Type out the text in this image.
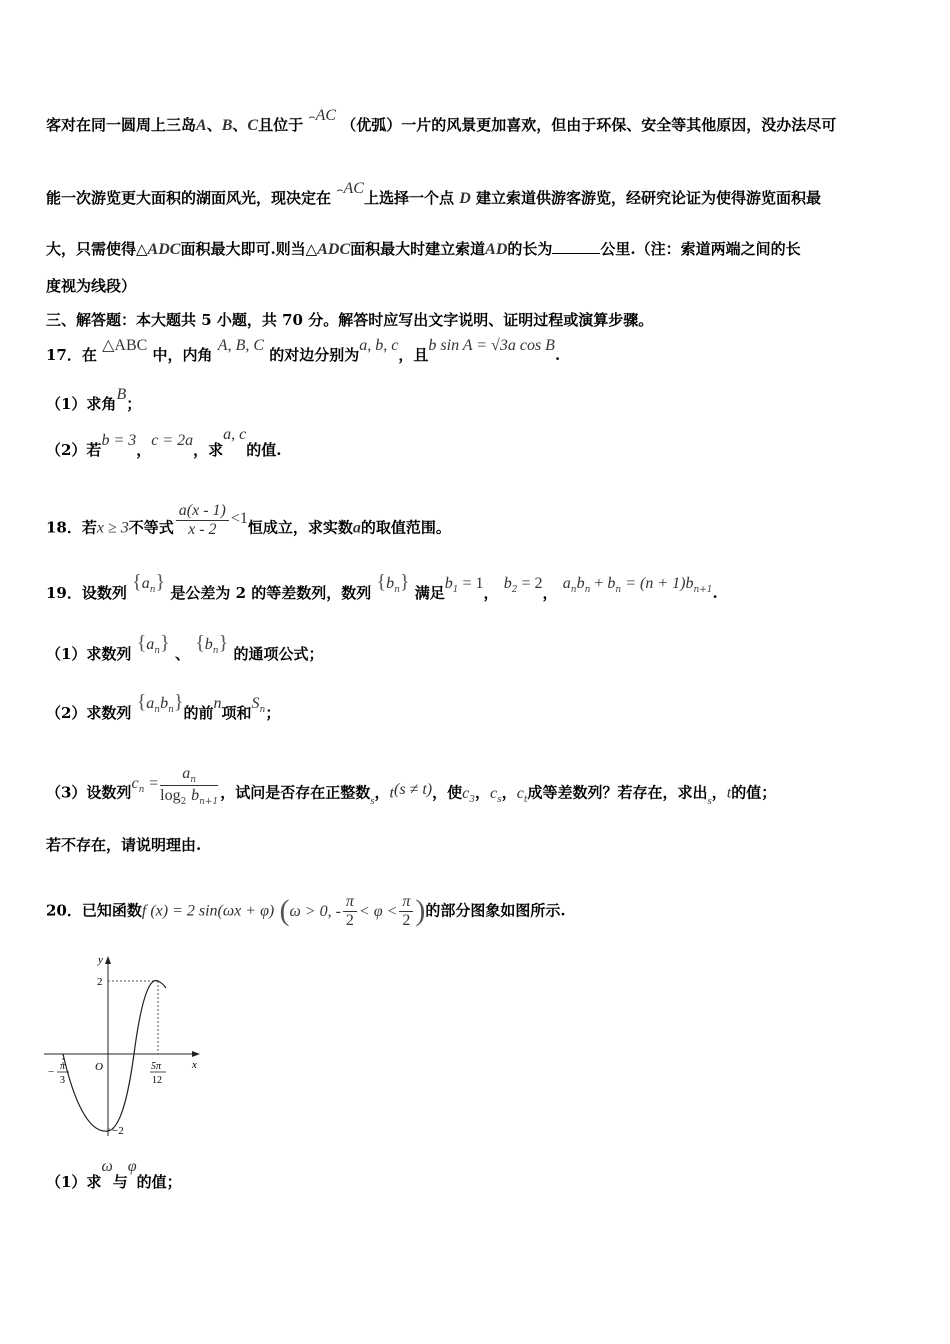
客对在同一圆周上三岛A、B、C且位于 ⌢AC （优弧）一片的风景更加喜欢，但由于环保、安全等其他原因，没办法尽可
能一次游览更大面积的湖面风光，现决定在 ⌢AC上选择一个点 D 建立索道供游客游览，经研究论证为使得游览面积最
大，只需使得△ADC面积最大即可.则当△ADC面积最大时建立索道AD的长为	公里.（注：索道两端之间的长
度视为线段）
三、解答题：本大题共 5 小题，共 70 分。解答时应写出文字说明、证明过程或演算步骤。
17．在 △ABC 中，内角 A, B, C 的对边分别为a, b, c，且b sin A = √3a cos B.
（1）求角B；
（2）若b = 3，c = 2a，求a, c的值.
18．若x ≥ 3不等式 $\frac{a(x - 1)}{x - 2} <1$恒成立，求实数a的取值范围。
19．设数列 $\{a_n\}$ 是公差为 2 的等差数列，数列 $\{b_n\}$ 满足$b_1 = 1$， $b_2 = 2$， $a_nb_n + b_n = (n + 1)b_{n+1}$.
（1）求数列 $\{a_n\}$ 、 $\{b_n\}$ 的通项公式；
（2）求数列 $\{a_nb_n\}$的前n项和$S_n$；
（3）设数列$c_n = \frac{a_n}{\log_2 b_{n+1}}$ ，试问是否存在正整数$_s$，t(s ≠ t)，使$c_3$，$c_s$，$c_t$成等差数列？若存在，求出$_s$，t的值；
若不存在，请说明理由.
20．已知函数f (x) = 2 sin(ωx + φ) (ω > 0, - $\frac{\pi}{2} < \varphi < \frac{\pi}{2}$ )的部分图象如图所示.
y
x
O
2
−2
− π
3
5π
12
（1）求ω与φ的值；
